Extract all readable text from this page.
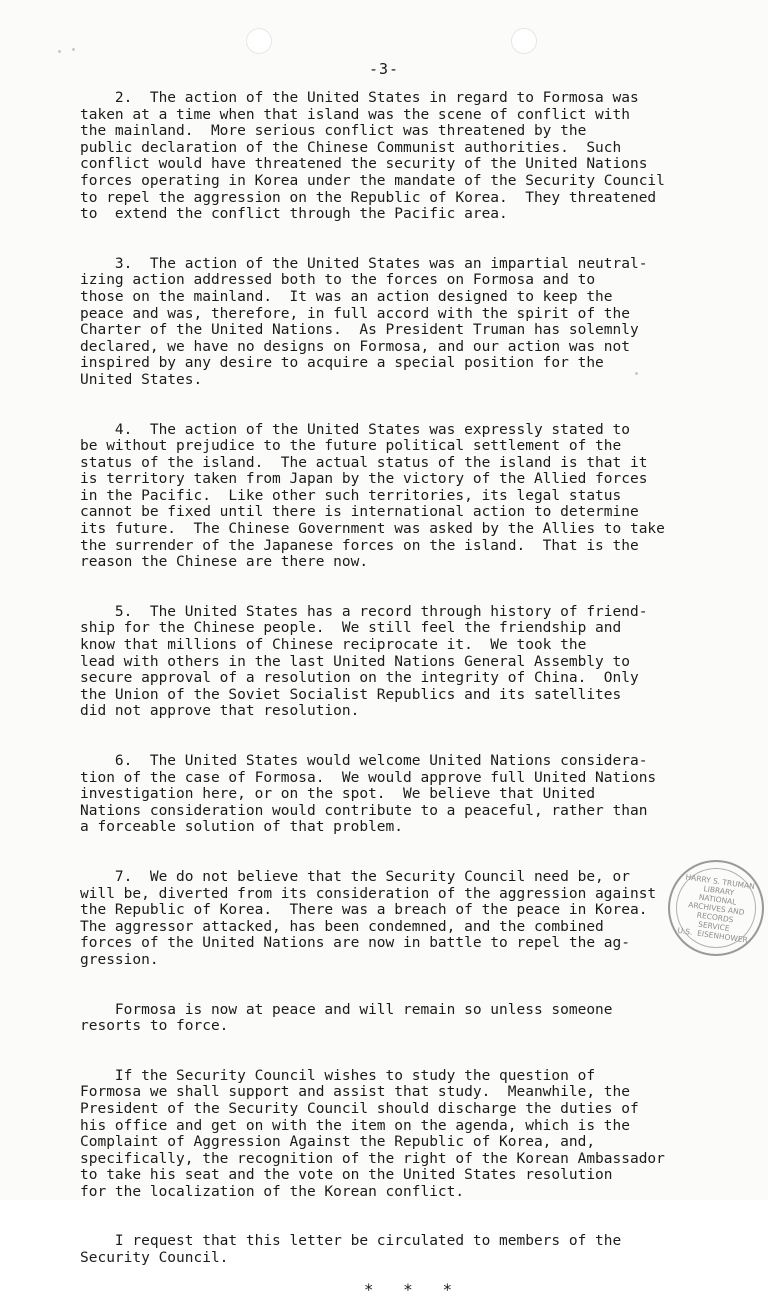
-3-
2.  The action of the United States in regard to Formosa was
taken at a time when that island was the scene of conflict with
the mainland.  More serious conflict was threatened by the
public declaration of the Chinese Communist authorities.  Such
conflict would have threatened the security of the United Nations
forces operating in Korea under the mandate of the Security Council
to repel the aggression on the Republic of Korea.  They threatened
to  extend the conflict through the Pacific area.
3.  The action of the United States was an impartial neutral-
izing action addressed both to the forces on Formosa and to
those on the mainland.  It was an action designed to keep the
peace and was, therefore, in full accord with the spirit of the
Charter of the United Nations.  As President Truman has solemnly
declared, we have no designs on Formosa, and our action was not
inspired by any desire to acquire a special position for the
United States.
4.  The action of the United States was expressly stated to
be without prejudice to the future political settlement of the
status of the island.  The actual status of the island is that it
is territory taken from Japan by the victory of the Allied forces
in the Pacific.  Like other such territories, its legal status
cannot be fixed until there is international action to determine
its future.  The Chinese Government was asked by the Allies to take
the surrender of the Japanese forces on the island.  That is the
reason the Chinese are there now.
5.  The United States has a record through history of friend-
ship for the Chinese people.  We still feel the friendship and
know that millions of Chinese reciprocate it.  We took the
lead with others in the last United Nations General Assembly to
secure approval of a resolution on the integrity of China.  Only
the Union of the Soviet Socialist Republics and its satellites
did not approve that resolution.
6.  The United States would welcome United Nations considera-
tion of the case of Formosa.  We would approve full United Nations
investigation here, or on the spot.  We believe that United
Nations consideration would contribute to a peaceful, rather than
a forceable solution of that problem.
7.  We do not believe that the Security Council need be, or
will be, diverted from its consideration of the aggression against
the Republic of Korea.  There was a breach of the peace in Korea.
The aggressor attacked, has been condemned, and the combined
forces of the United Nations are now in battle to repel the ag-
gression.
Formosa is now at peace and will remain so unless someone
resorts to force.
If the Security Council wishes to study the question of
Formosa we shall support and assist that study.  Meanwhile, the
President of the Security Council should discharge the duties of
his office and get on with the item on the agenda, which is the
Complaint of Aggression Against the Republic of Korea, and,
specifically, the recognition of the right of the Korean Ambassador
to take his seat and the vote on the United States resolution
for the localization of the Korean conflict.
I request that this letter be circulated to members of the
Security Council.
* * *
HARRY S. TRUMAN
LIBRARY
NATIONAL
ARCHIVES AND
RECORDS
SERVICE
U.S.  EISENHOWER
